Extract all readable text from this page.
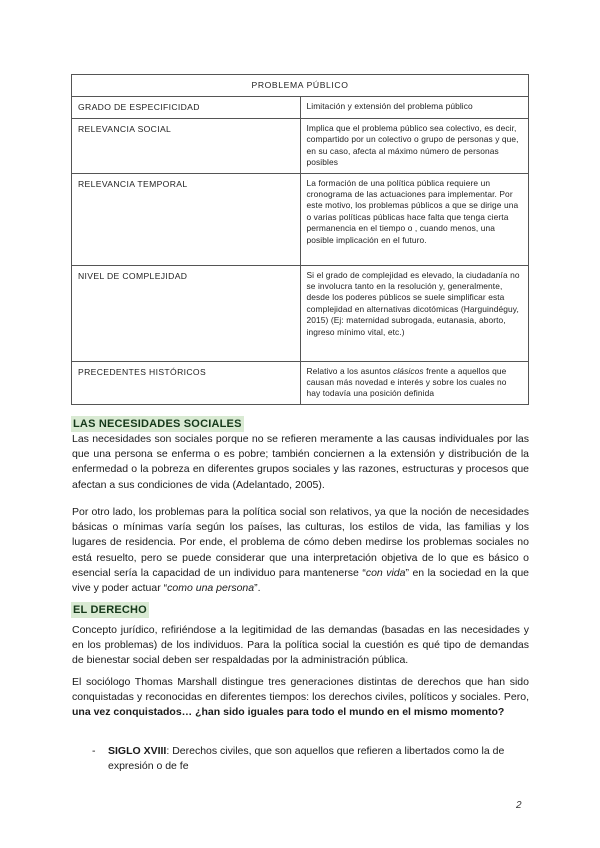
PROBLEMA PÚBLICO	
GRADO DE ESPECIFICIDAD	Limitación y extensión del problema público
RELEVANCIA SOCIAL	Implica que el problema público sea colectivo, es decir, compartido por un colectivo o grupo de personas y que, en su caso, afecta al máximo número de personas posibles
RELEVANCIA TEMPORAL	La formación de una política pública requiere un cronograma de las actuaciones para implementar. Por este motivo, los problemas públicos a que se dirige una o varias políticas públicas hace falta que tenga cierta permanencia en el tiempo o , cuando menos, una posible implicación en el futuro.
NIVEL DE COMPLEJIDAD	Si el grado de complejidad es elevado, la ciudadanía no se involucra tanto en la resolución y, generalmente, desde los poderes públicos se suele simplificar esta complejidad en alternativas dicotómicas (Harguindéguy, 2015) (Ej: maternidad subrogada, eutanasia, aborto, ingreso mínimo vital, etc.)
PRECEDENTES HISTÓRICOS	Relativo a los asuntos clásicos frente a aquellos que causan más novedad e interés y sobre los cuales no hay todavía una posición definida
LAS NECESIDADES SOCIALES

Las necesidades son sociales porque no se refieren meramente a las causas individuales por las que una persona se enferma o es pobre; también conciernen a la extensión y distribución de la enfermedad o la pobreza en diferentes grupos sociales y las razones, estructuras y procesos que afectan a sus condiciones de vida (Adelantado, 2005).

Por otro lado, los problemas para la política social son relativos, ya que la noción de necesidades básicas o mínimas varía según los países, las culturas, los estilos de vida, las familias y los lugares de residencia. Por ende, el problema de cómo deben medirse los problemas sociales no está resuelto, pero se puede considerar que una interpretación objetiva de lo que es básico o esencial sería la capacidad de un individuo para mantenerse “con vida” en la sociedad en la que vive y poder actuar “como una persona”.

EL DERECHO

Concepto jurídico, refiriéndose a la legitimidad de las demandas (basadas en las necesidades y en los problemas) de los individuos. Para la política social la cuestión es qué tipo de demandas de bienestar social deben ser respaldadas por la administración pública.

El sociólogo Thomas Marshall distingue tres generaciones distintas de derechos que han sido conquistadas y reconocidas en diferentes tiempos: los derechos civiles, políticos y sociales. Pero, una vez conquistados… ¿han sido iguales para todo el mundo en el mismo momento?

- SIGLO XVIII: Derechos civiles, que son aquellos que refieren a libertados como la de expresión o de fe

2
